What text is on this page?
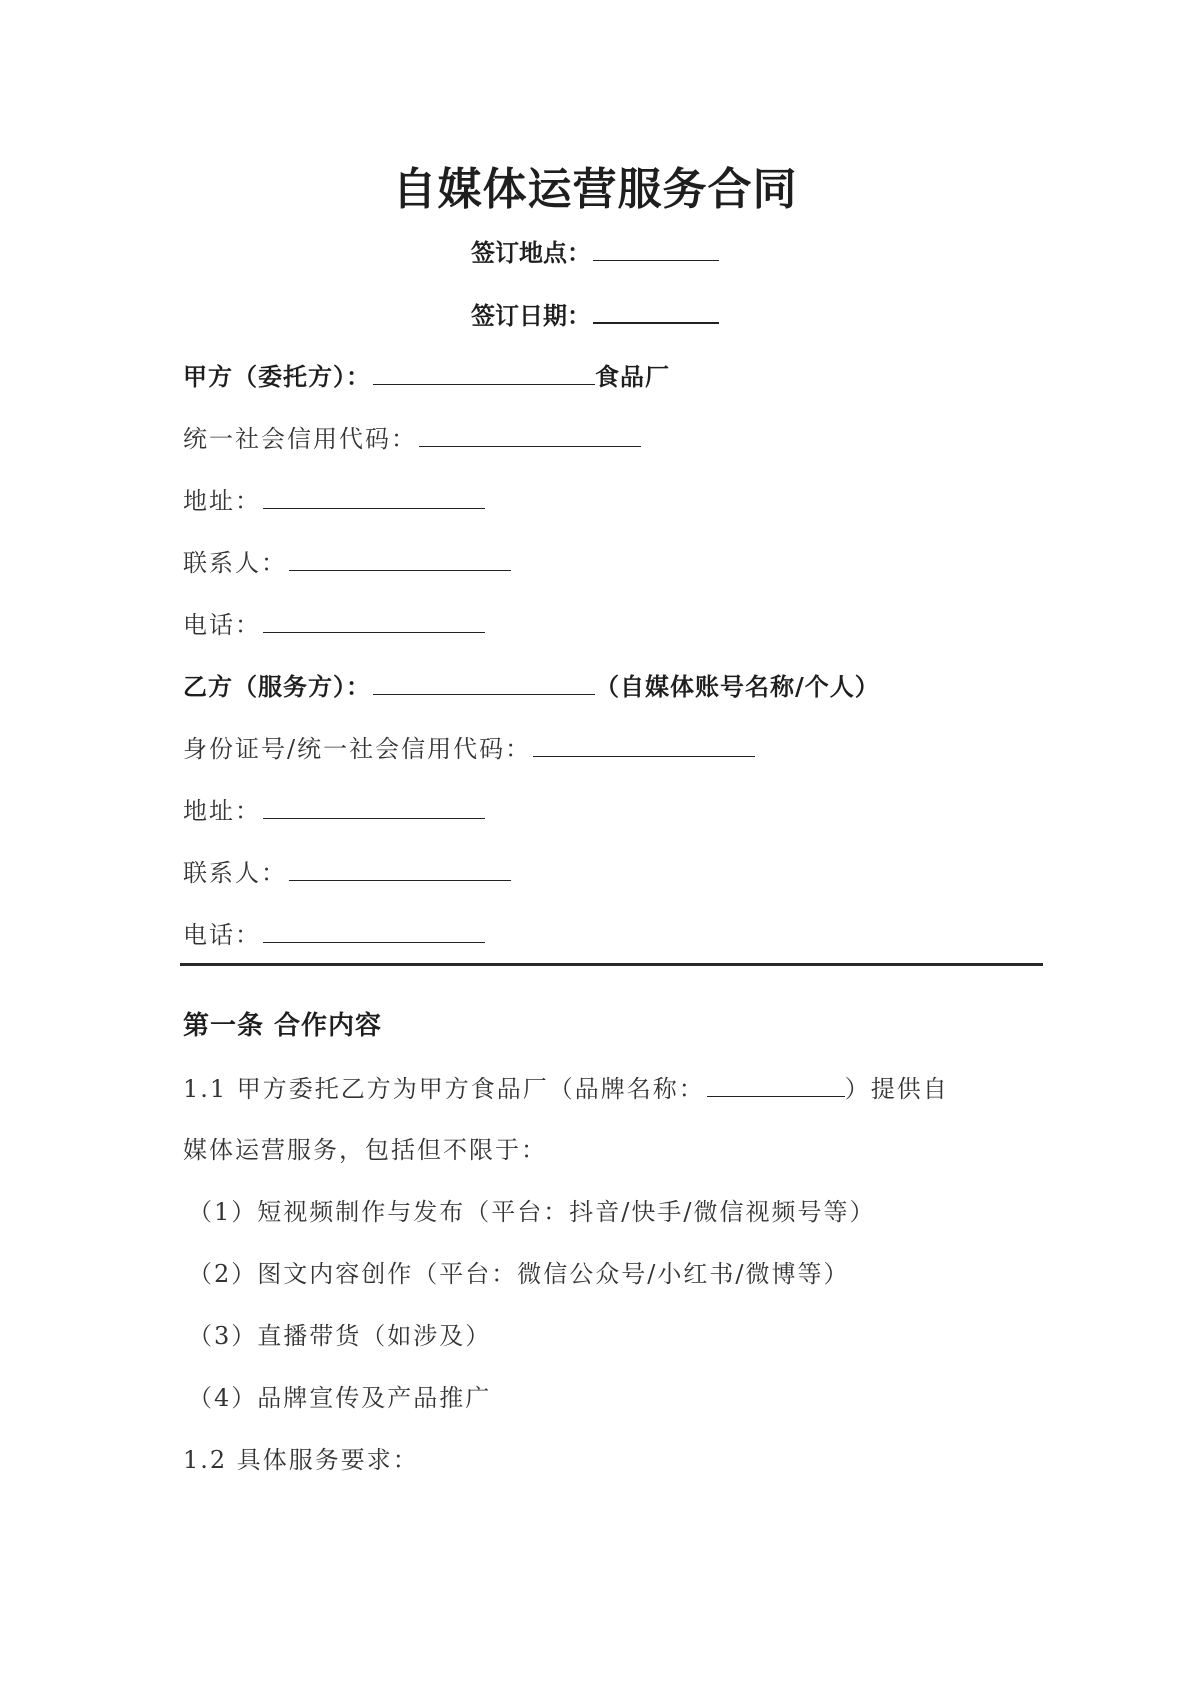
自媒体运营服务合同
签订地点：
签订日期：
甲方（委托方）：	食品厂
统一社会信用代码：
地址：
联系人：
电话：
乙方（服务方）：	（自媒体账号名称/个人）
身份证号/统一社会信用代码：
地址：
联系人：
电话：
第一条 合作内容
1.1 甲方委托乙方为甲方食品厂（品牌名称：	）提供自
媒体运营服务，包括但不限于：
（1）短视频制作与发布（平台：抖音/快手/微信视频号等）
（2）图文内容创作（平台：微信公众号/小红书/微博等）
（3）直播带货（如涉及）
（4）品牌宣传及产品推广
1.2 具体服务要求：
